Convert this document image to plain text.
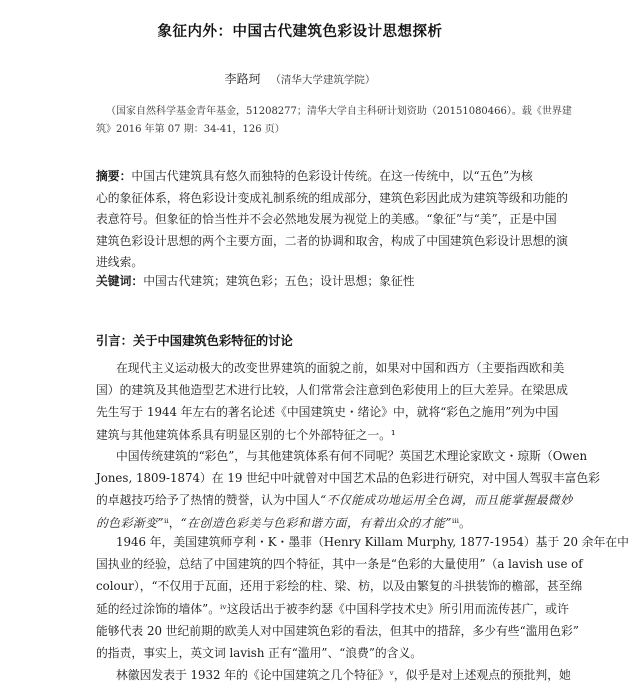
象征内外：中国古代建筑色彩设计思想探析
李路珂 （清华大学建筑学院）
（国家自然科学基金青年基金，51208277；清华大学自主科研计划资助（20151080466）。载《世界建
筑》2016 年第 07 期：34-41，126 页）
摘要：中国古代建筑具有悠久而独特的色彩设计传统。在这一传统中，以“五色”为核
心的象征体系，将色彩设计变成礼制系统的组成部分，建筑色彩因此成为建筑等级和功能的
表意符号。但象征的恰当性并不会必然地发展为视觉上的美感。“象征”与“美”，正是中国
建筑色彩设计思想的两个主要方面，二者的协调和取舍，构成了中国建筑色彩设计思想的演
进线索。
关键词：中国古代建筑；建筑色彩；五色；设计思想；象征性
引言：关于中国建筑色彩特征的讨论
在现代主义运动极大的改变世界建筑的面貌之前，如果对中国和西方（主要指西欧和美
国）的建筑及其他造型艺术进行比较，人们常常会注意到色彩使用上的巨大差异。在梁思成
先生写于 1944 年左右的著名论述《中国建筑史・绪论》中，就将“彩色之施用”列为中国
建筑与其他建筑体系具有明显区别的七个外部特征之一。¹
中国传统建筑的“彩色”，与其他建筑体系有何不同呢？英国艺术理论家欧文・琼斯（Owen
Jones, 1809-1874）在 19 世纪中叶就曾对中国艺术品的色彩进行研究，对中国人驾驭丰富色彩
的卓越技巧给予了热情的赞誉，认为中国人“不仅能成功地运用全色调，而且能掌握最微妙
的色彩渐变”ⁱⁱ，“在创造色彩美与色彩和谐方面，有着出众的才能”ⁱⁱⁱ。
1946 年，美国建筑师亨利・K・墨菲（Henry Killam Murphy, 1877-1954）基于 20 余年在中
国执业的经验，总结了中国建筑的四个特征，其中一条是“色彩的大量使用”（a lavish use of
colour），“不仅用于瓦面，还用于彩绘的柱、梁、枋，以及由繁复的斗拱装饰的檐部，甚至绵
延的经过涂饰的墙体”。ⁱᵛ这段话出于被李约瑟《中国科学技术史》所引用而流传甚广，或许
能够代表 20 世纪前期的欧美人对中国建筑色彩的看法，但其中的措辞，多少有些“滥用色彩”
的指责，事实上，英文词 lavish 正有“滥用”、“浪费”的含义。
林徽因发表于 1932 年的《论中国建筑之几个特征》ᵛ，似乎是对上述观点的预批判，她
